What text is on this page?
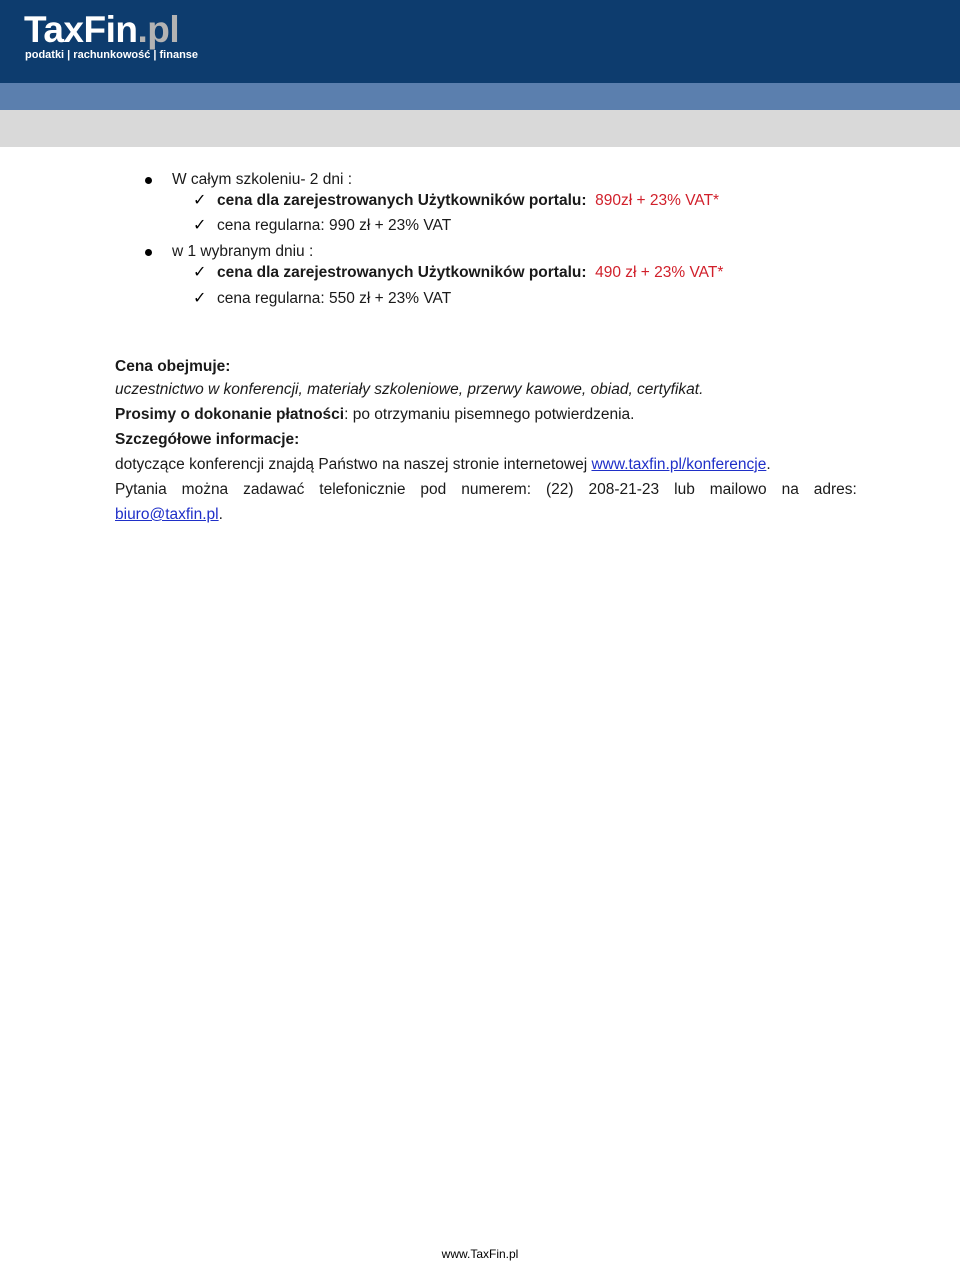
TaxFin.pl
podatki | rachunkowość | finanse
W całym szkoleniu- 2 dni :
✓ cena dla zarejestrowanych Użytkowników portalu: 890zł + 23% VAT*
✓ cena regularna: 990 zł + 23% VAT
w 1 wybranym dniu :
✓ cena dla zarejestrowanych Użytkowników portalu: 490 zł + 23% VAT*
✓ cena regularna: 550 zł + 23% VAT
Cena obejmuje:
uczestnictwo w konferencji, materiały szkoleniowe, przerwy kawowe, obiad, certyfikat.
Prosimy o dokonanie płatności: po otrzymaniu pisemnego potwierdzenia.
Szczegółowe informacje:
dotyczące konferencji znajdą Państwo na naszej stronie internetowej www.taxfin.pl/konferencje.
Pytania można zadawać telefonicznie pod numerem: (22) 208-21-23 lub mailowo na adres:
biuro@taxfin.pl.
www.TaxFin.pl
